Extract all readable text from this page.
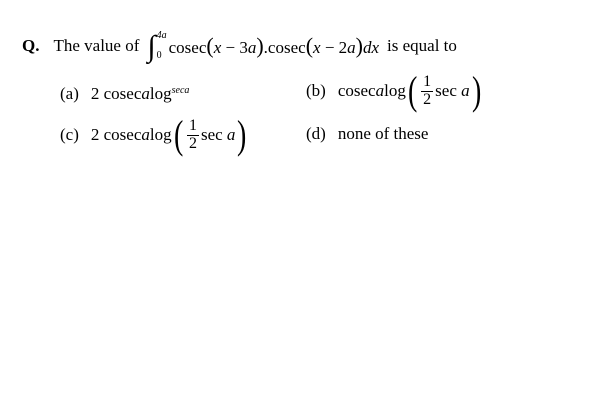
Q. The value of ∫ 4a
0 cosec(x − 3a).cosec(x − 2a)dx is equal to
(a) 2 cosec a log seca	(b) cosec a log ( $\frac{1}{2}$ sec
a )
(c) 2 cosec a log ( $\frac{1}{2}$ sec
a )	(d) none of these
